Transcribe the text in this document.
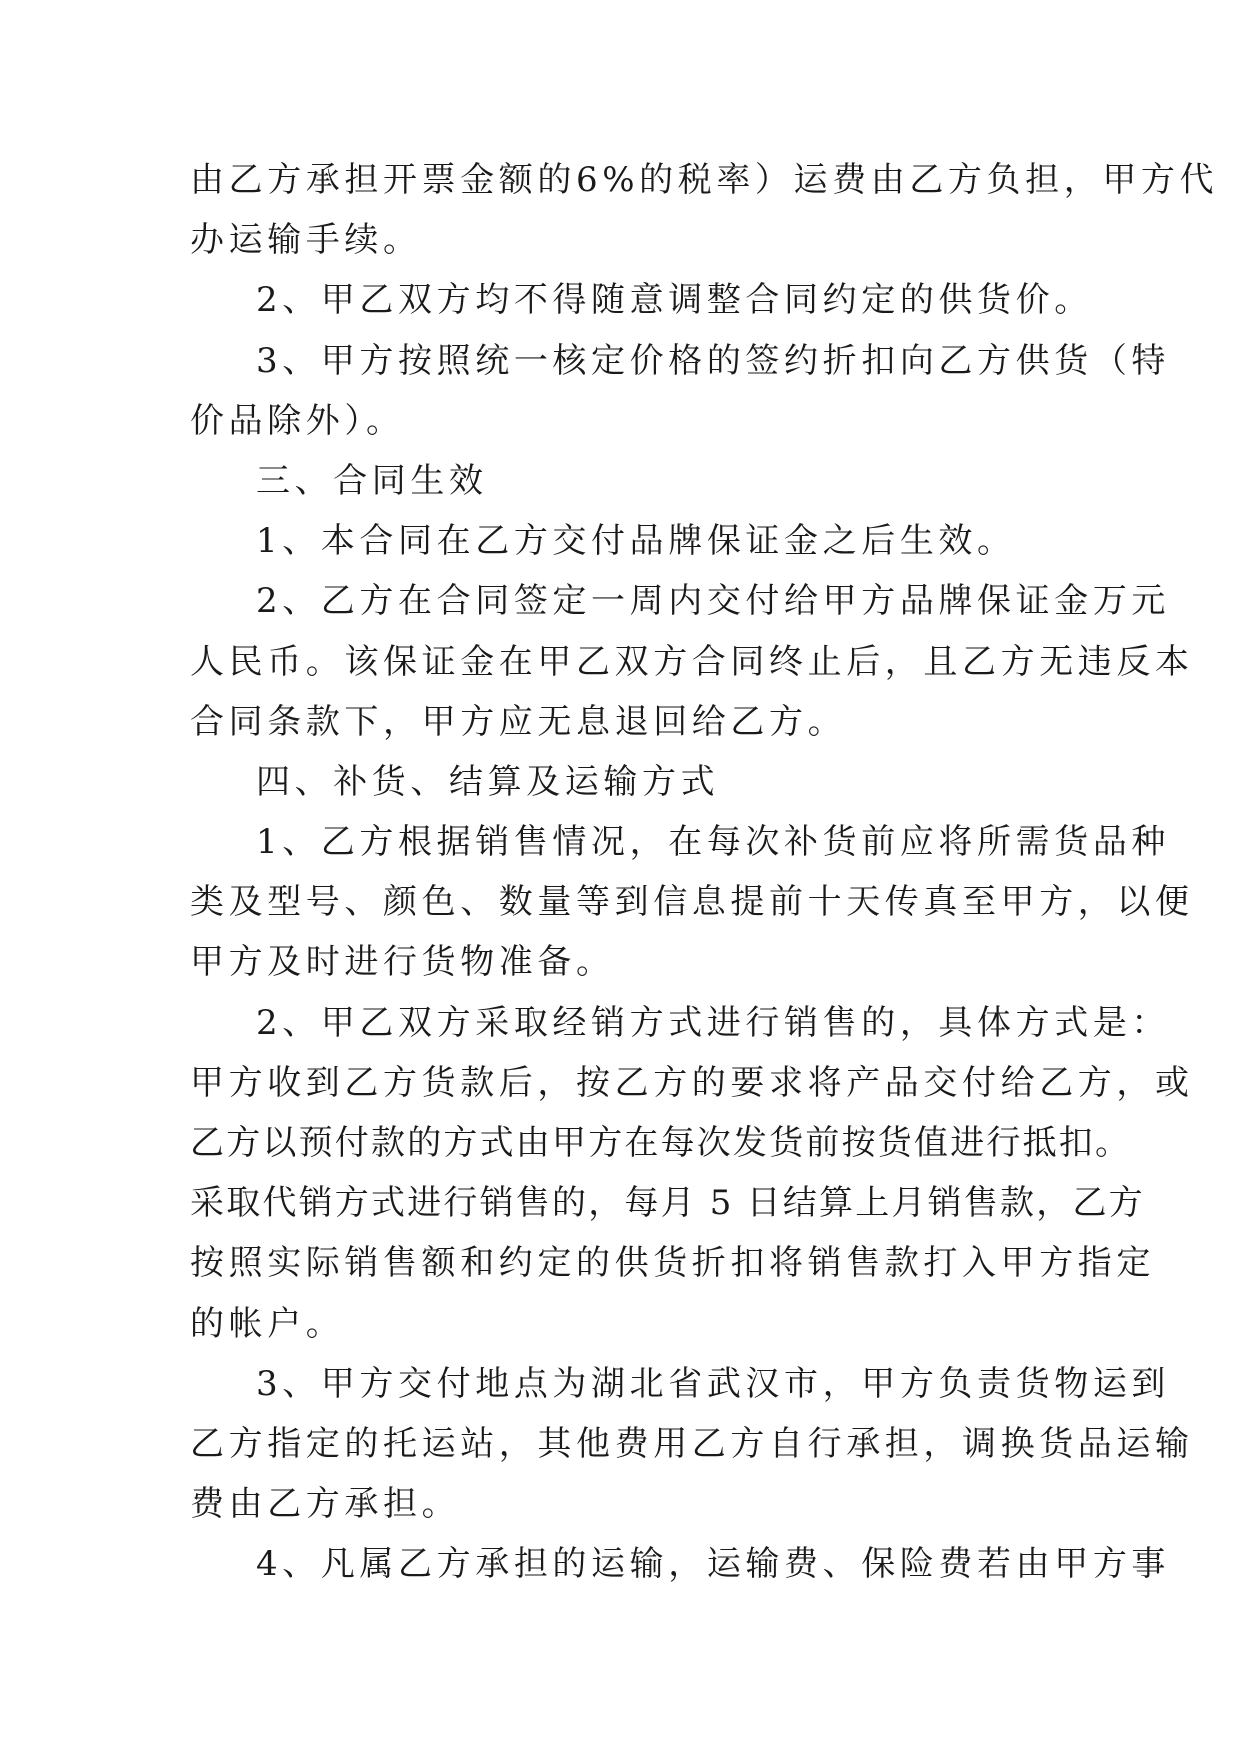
由乙方承担开票金额的6%的税率）运费由乙方负担，甲方代
办运输手续。
2、甲乙双方均不得随意调整合同约定的供货价。
3、甲方按照统一核定价格的签约折扣向乙方供货（特
价品除外）。
三、合同生效
1、本合同在乙方交付品牌保证金之后生效。
2、乙方在合同签定一周内交付给甲方品牌保证金万元
人民币。该保证金在甲乙双方合同终止后，且乙方无违反本
合同条款下，甲方应无息退回给乙方。
四、补货、结算及运输方式
1、乙方根据销售情况，在每次补货前应将所需货品种
类及型号、颜色、数量等到信息提前十天传真至甲方，以便
甲方及时进行货物准备。
2、甲乙双方采取经销方式进行销售的，具体方式是：
甲方收到乙方货款后，按乙方的要求将产品交付给乙方，或
乙方以预付款的方式由甲方在每次发货前按货值进行抵扣。
采取代销方式进行销售的，每月 5 日结算上月销售款，乙方
按照实际销售额和约定的供货折扣将销售款打入甲方指定
的帐户。
3、甲方交付地点为湖北省武汉市，甲方负责货物运到
乙方指定的托运站，其他费用乙方自行承担，调换货品运输
费由乙方承担。
4、凡属乙方承担的运输，运输费、保险费若由甲方事
